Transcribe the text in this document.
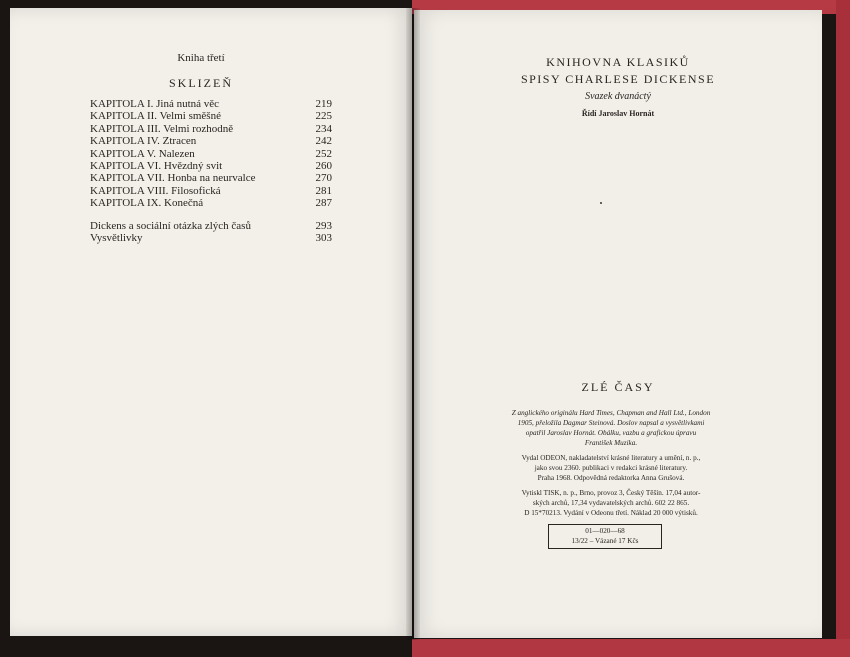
Kniha třetí
SKLIZEŇ
KAPITOLA I. Jiná nutná věc	219
KAPITOLA II. Velmi směšné	225
KAPITOLA III. Velmi rozhodně	234
KAPITOLA IV. Ztracen	242
KAPITOLA V. Nalezen	252
KAPITOLA VI. Hvězdný svit	260
KAPITOLA VII. Honba na neurvalce	270
KAPITOLA VIII. Filosofická	281
KAPITOLA IX. Konečná	287
Dickens a sociální otázka zlých časů	293
Vysvětlivky	303
KNIHOVNA KLASIKŮ
SPISY CHARLESE DICKENSE
Svazek dvanáctý
Řídí Jaroslav Hornát
ZLÉ ČASY
Z anglického originálu Hard Times, Chapman and Hall Ltd., London
1905, přeložila Dagmar Steinová. Doslov napsal a vysvětlivkami
opatřil Jaroslav Hornát. Obálku, vazbu a grafickou úpravu
František Muzika.
Vydal ODEON, nakladatelství krásné literatury a umění, n. p.,
jako svou 2360. publikaci v redakci krásné literatury.
Praha 1968. Odpovědná redaktorka Anna Grušová.
Vytiskl TISK, n. p., Brno, provoz 3, Český Těšín. 17,04 autor-
ských archů, 17,34 vydavatelských archů. 602 22 865.
D 15*70213. Vydání v Odeonu třetí. Náklad 20 000 výtisků.
01—020—68
13/22 – Vázané 17 Kčs
